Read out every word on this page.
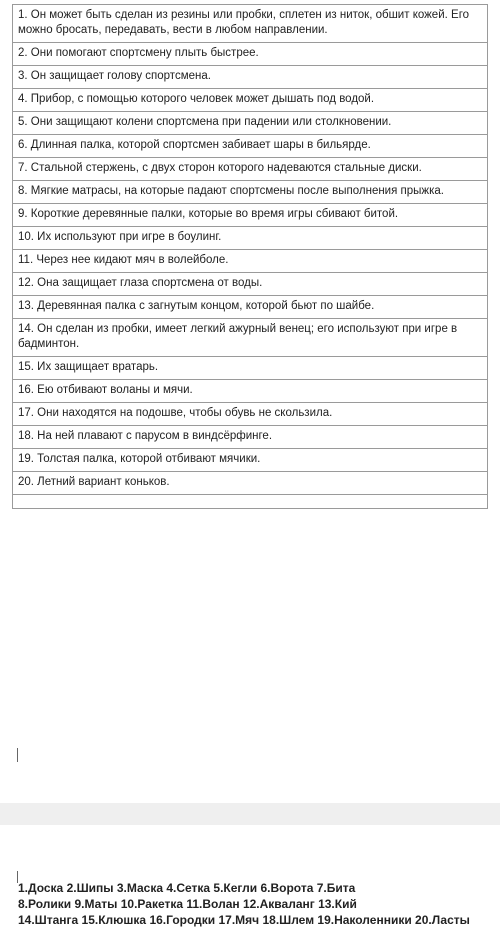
1. Он может быть сделан из резины или пробки, сплетен из ниток, обшит кожей. Его можно бросать, передавать, вести в любом направлении.
2. Они помогают спортсмену плыть быстрее.
3. Он защищает голову спортсмена.
4. Прибор, с помощью которого человек может дышать под водой.
5. Они защищают колени спортсмена при падении или столкновении.
6. Длинная палка, которой спортсмен забивает шары в бильярде.
7. Стальной стержень, с двух сторон которого надеваются стальные диски.
8. Мягкие матрасы, на которые падают спортсмены после выполнения прыжка.
9. Короткие деревянные палки, которые во время игры сбивают битой.
10. Их используют при игре в боулинг.
11. Через нее кидают мяч в волейболе.
12. Она защищает глаза спортсмена от воды.
13. Деревянная палка с загнутым концом, которой бьют по шайбе.
14. Он сделан из пробки, имеет легкий ажурный венец; его используют при игре в бадминтон.
15. Их защищает вратарь.
16. Ею отбивают воланы и мячи.
17. Они находятся на подошве, чтобы обувь не скользила.
18. На ней плавают с парусом в виндсёрфинге.
19. Толстая палка, которой отбивают мячики.
20. Летний вариант коньков.
1.Доска 2.Шипы 3.Маска 4.Сетка 5.Кегли 6.Ворота 7.Бита
8.Ролики 9.Маты 10.Ракетка 11.Волан 12.Акваланг 13.Кий
14.Штанга 15.Клюшка 16.Городки 17.Мяч 18.Шлем 19.Наколенники 20.Ласты
